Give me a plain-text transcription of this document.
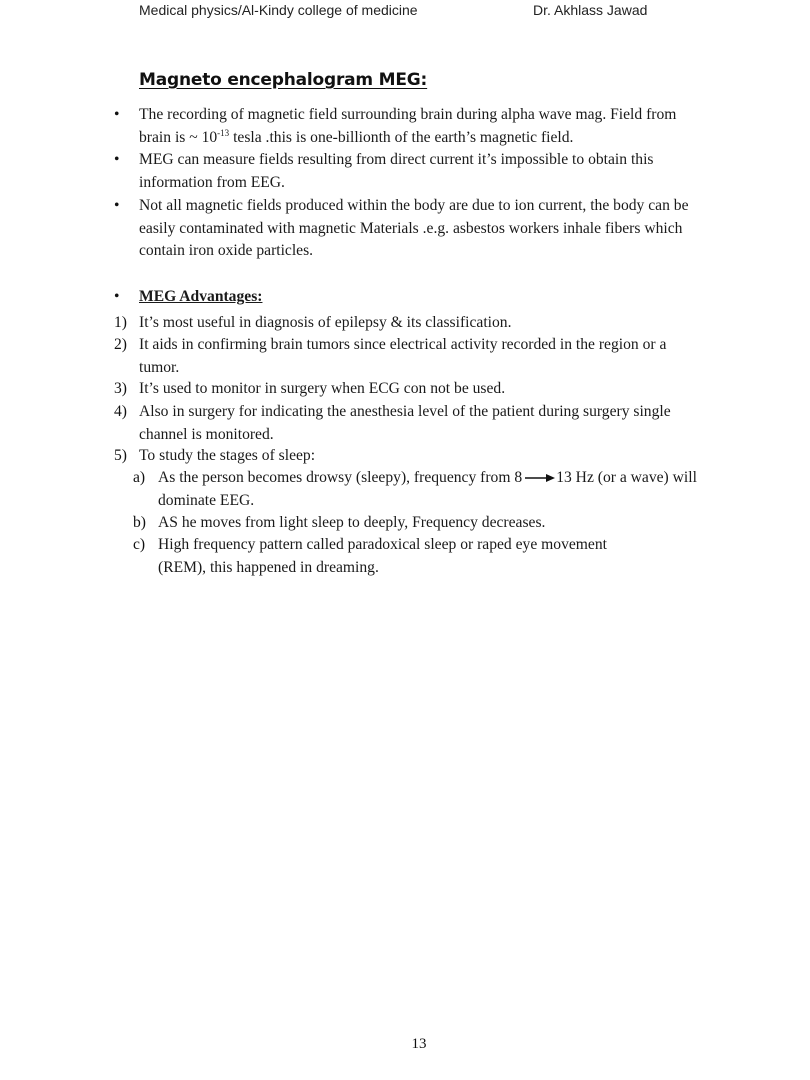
Medical physics/Al-Kindy college of medicine	Dr. Akhlass Jawad
Magneto encephalogram MEG:
• The recording of magnetic field surrounding brain during alpha wave mag. Field from brain is ~ $10^{-13}$ tesla .this is one-billionth of the earth’s magnetic field.
• MEG can measure fields resulting from direct current it’s impossible to obtain this information from EEG.
• Not all magnetic fields produced within the body are due to ion current, the body can be easily contaminated with magnetic Materials .e.g. asbestos workers inhale fibers which contain iron oxide particles.
• MEG Advantages:
1) It’s most useful in diagnosis of epilepsy & its classification.
2) It aids in confirming brain tumors since electrical activity recorded in the region or a tumor.
3) It’s used to monitor in surgery when ECG con not be used.
4) Also in surgery for indicating the anesthesia level of the patient during surgery single channel is monitored.
5) To study the stages of sleep:
a) As the person becomes drowsy (sleepy), frequency from 8 13 Hz (or a wave) will dominate EEG.
b) AS he moves from light sleep to deeply, Frequency decreases.
c) High frequency pattern called paradoxical sleep or raped eye movement (REM), this happened in dreaming.
13
